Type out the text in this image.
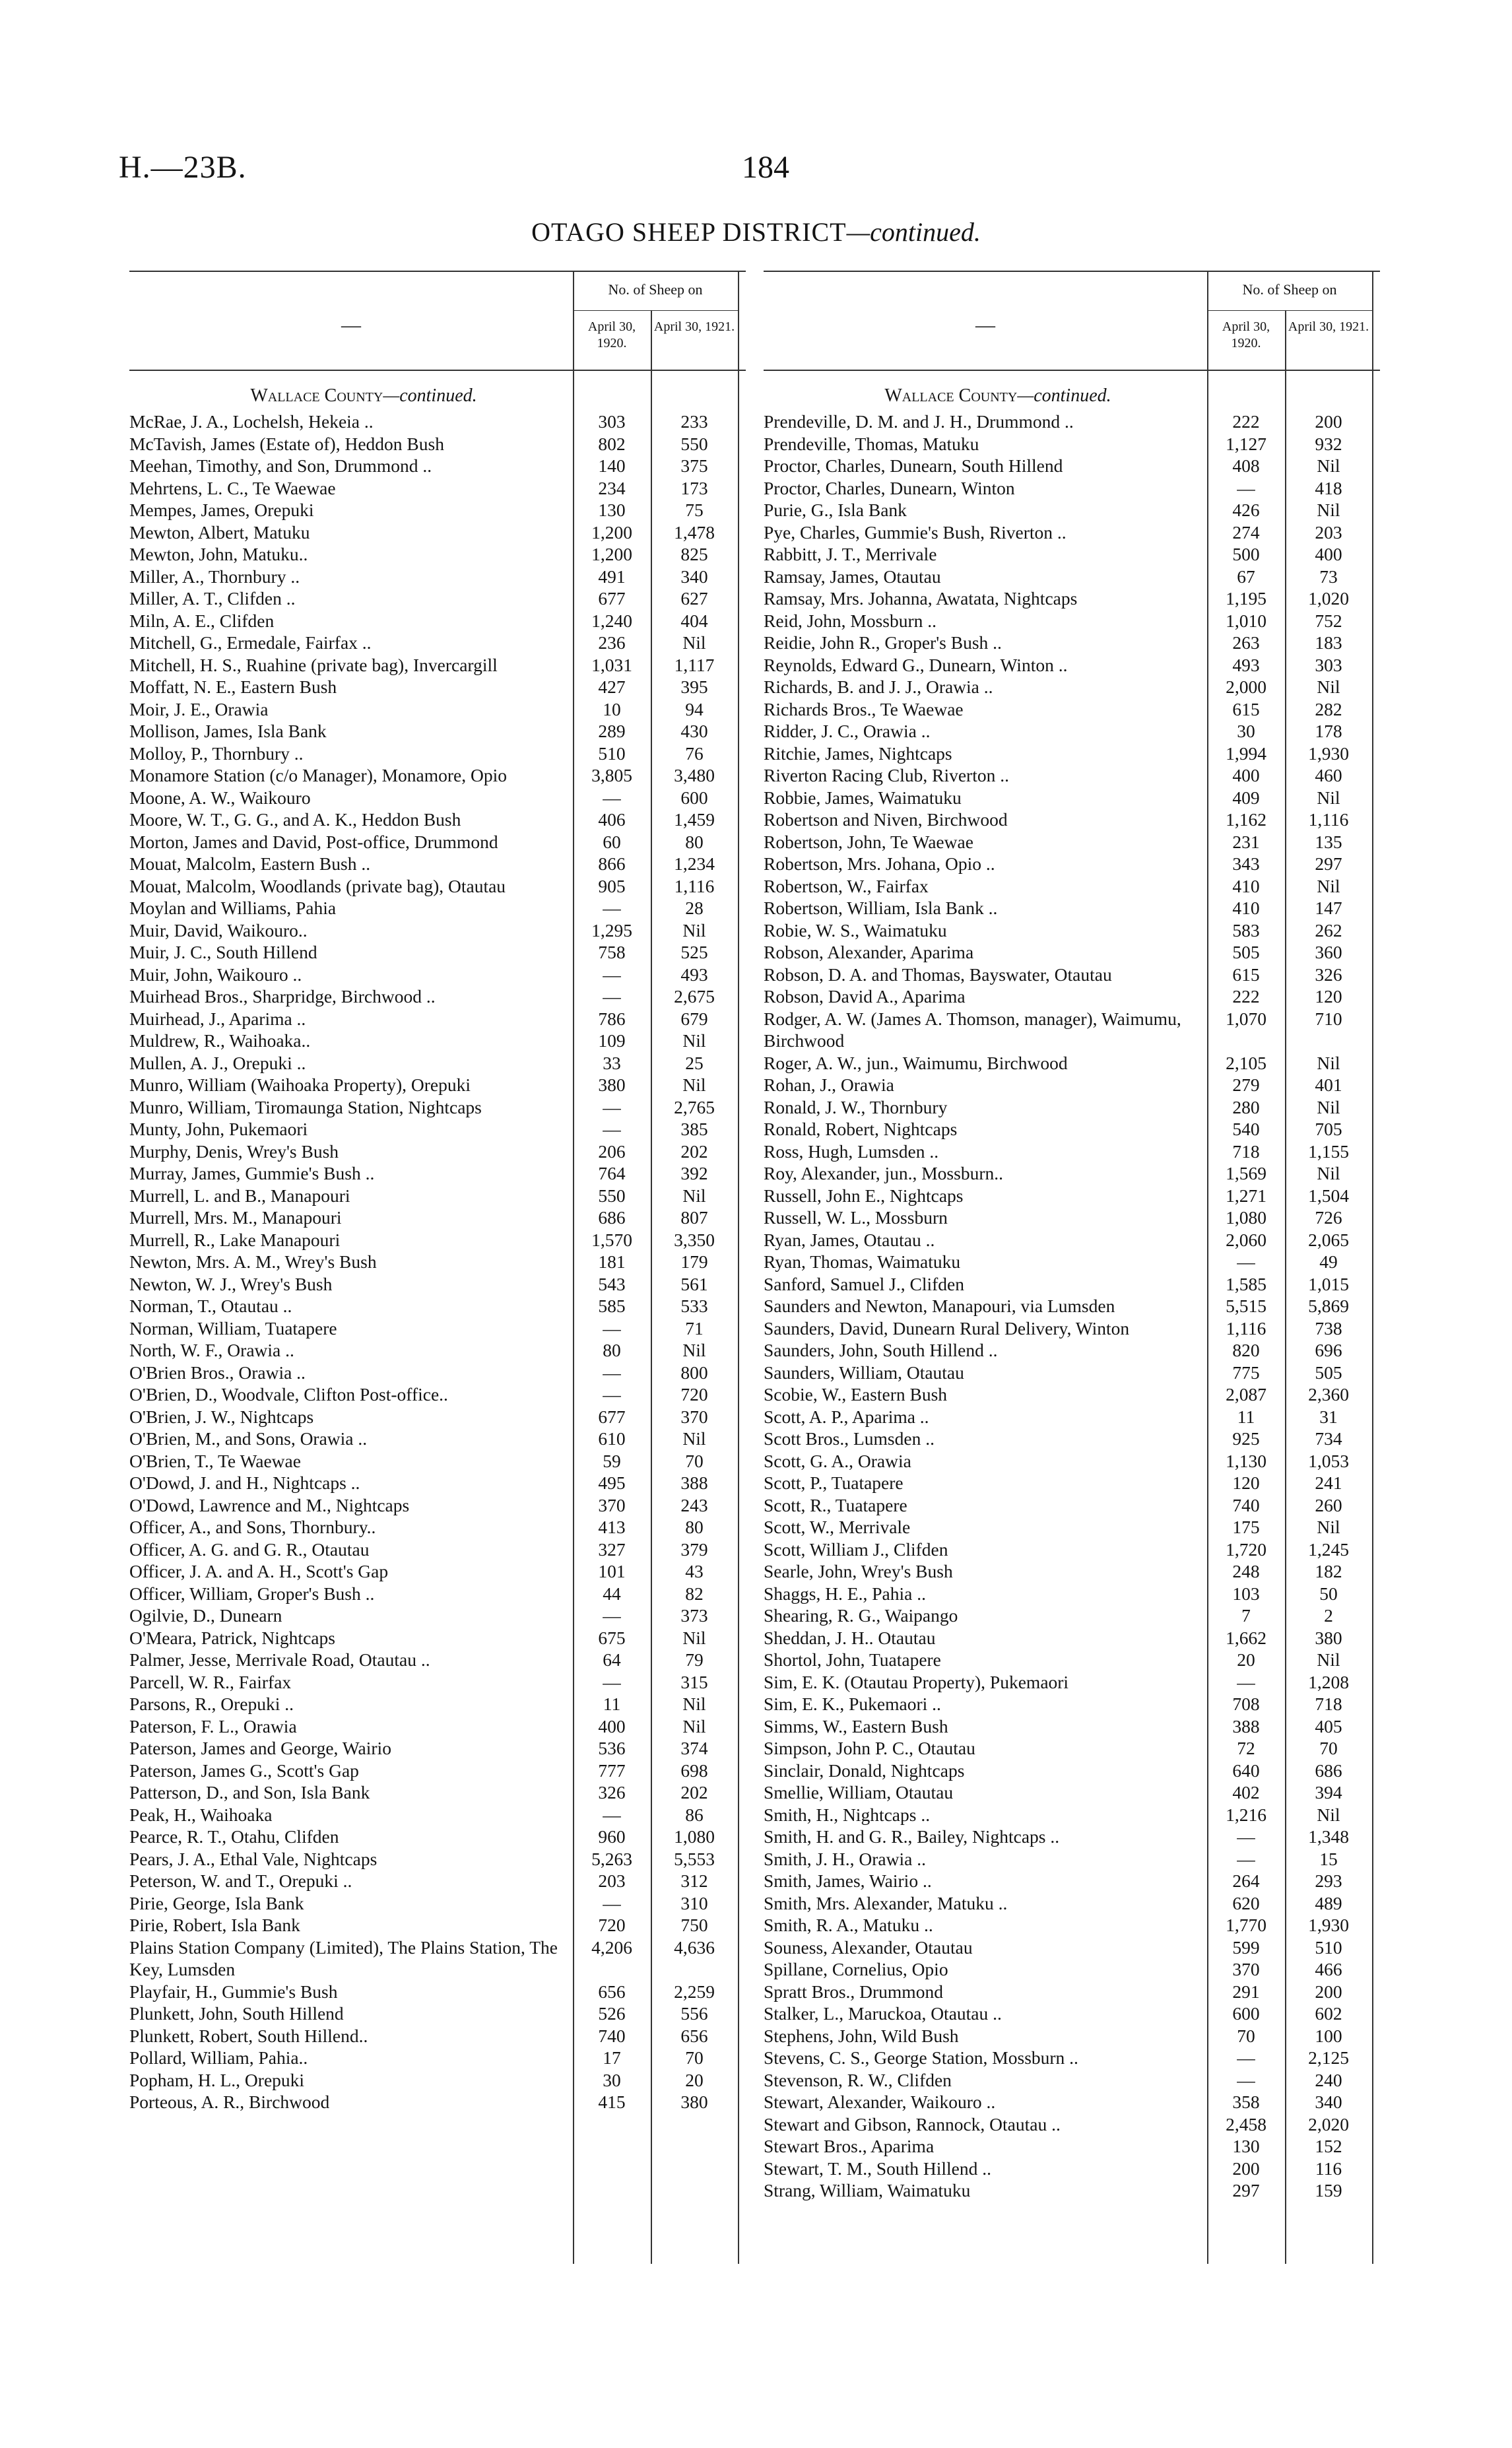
H.—23B.	184
OTAGO SHEEP DISTRICT—continued.
—
No. of Sheep on
April 30, 1920.
April 30, 1921.
Wallace County—continued.
McRae, J. A., Lochelsh, Hekeia ..	303	233
McTavish, James (Estate of), Heddon Bush	802	550
Meehan, Timothy, and Son, Drummond ..	140	375
Mehrtens, L. C., Te Waewae	234	173
Mempes, James, Orepuki	130	75
Mewton, Albert, Matuku	1,200	1,478
Mewton, John, Matuku..	1,200	825
Miller, A., Thornbury ..	491	340
Miller, A. T., Clifden ..	677	627
Miln, A. E., Clifden	1,240	404
Mitchell, G., Ermedale, Fairfax ..	236	Nil
Mitchell, H. S., Ruahine (private bag), Invercargill	1,031	1,117
Moffatt, N. E., Eastern Bush	427	395
Moir, J. E., Orawia	10	94
Mollison, James, Isla Bank	289	430
Molloy, P., Thornbury ..	510	76
Monamore Station (c/o Manager), Monamore, Opio	3,805	3,480
Moone, A. W., Waikouro	—	600
Moore, W. T., G. G., and A. K., Heddon Bush	406	1,459
Morton, James and David, Post-office, Drummond	60	80
Mouat, Malcolm, Eastern Bush ..	866	1,234
Mouat, Malcolm, Woodlands (private bag), Otautau	905	1,116
Moylan and Williams, Pahia	—	28
Muir, David, Waikouro..	1,295	Nil
Muir, J. C., South Hillend	758	525
Muir, John, Waikouro ..	—	493
Muirhead Bros., Sharpridge, Birchwood ..	—	2,675
Muirhead, J., Aparima ..	786	679
Muldrew, R., Waihoaka..	109	Nil
Mullen, A. J., Orepuki ..	33	25
Munro, William (Waihoaka Property), Orepuki	380	Nil
Munro, William, Tiromaunga Station, Nightcaps	—	2,765
Munty, John, Pukemaori	—	385
Murphy, Denis, Wrey's Bush	206	202
Murray, James, Gummie's Bush ..	764	392
Murrell, L. and B., Manapouri	550	Nil
Murrell, Mrs. M., Manapouri	686	807
Murrell, R., Lake Manapouri	1,570	3,350
Newton, Mrs. A. M., Wrey's Bush	181	179
Newton, W. J., Wrey's Bush	543	561
Norman, T., Otautau ..	585	533
Norman, William, Tuatapere	—	71
North, W. F., Orawia ..	80	Nil
O'Brien Bros., Orawia ..	—	800
O'Brien, D., Woodvale, Clifton Post-office..	—	720
O'Brien, J. W., Nightcaps	677	370
O'Brien, M., and Sons, Orawia ..	610	Nil
O'Brien, T., Te Waewae	59	70
O'Dowd, J. and H., Nightcaps ..	495	388
O'Dowd, Lawrence and M., Nightcaps	370	243
Officer, A., and Sons, Thornbury..	413	80
Officer, A. G. and G. R., Otautau	327	379
Officer, J. A. and A. H., Scott's Gap	101	43
Officer, William, Groper's Bush ..	44	82
Ogilvie, D., Dunearn	—	373
O'Meara, Patrick, Nightcaps	675	Nil
Palmer, Jesse, Merrivale Road, Otautau ..	64	79
Parcell, W. R., Fairfax	—	315
Parsons, R., Orepuki ..	11	Nil
Paterson, F. L., Orawia	400	Nil
Paterson, James and George, Wairio	536	374
Paterson, James G., Scott's Gap	777	698
Patterson, D., and Son, Isla Bank	326	202
Peak, H., Waihoaka	—	86
Pearce, R. T., Otahu, Clifden	960	1,080
Pears, J. A., Ethal Vale, Nightcaps	5,263	5,553
Peterson, W. and T., Orepuki ..	203	312
Pirie, George, Isla Bank	—	310
Pirie, Robert, Isla Bank	720	750
Plains Station Company (Limited), The Plains Station, The Key, Lumsden
4,206	4,636
Playfair, H., Gummie's Bush	656	2,259
Plunkett, John, South Hillend	526	556
Plunkett, Robert, South Hillend..	740	656
Pollard, William, Pahia..	17	70
Popham, H. L., Orepuki	30	20
Porteous, A. R., Birchwood	415	380
—
No. of Sheep on
April 30, 1920.
April 30, 1921.
Wallace County—continued.
Prendeville, D. M. and J. H., Drummond ..	222	200
Prendeville, Thomas, Matuku	1,127	932
Proctor, Charles, Dunearn, South Hillend	408	Nil
Proctor, Charles, Dunearn, Winton	—	418
Purie, G., Isla Bank	426	Nil
Pye, Charles, Gummie's Bush, Riverton ..	274	203
Rabbitt, J. T., Merrivale	500	400
Ramsay, James, Otautau	67	73
Ramsay, Mrs. Johanna, Awatata, Nightcaps	1,195	1,020
Reid, John, Mossburn ..	1,010	752
Reidie, John R., Groper's Bush ..	263	183
Reynolds, Edward G., Dunearn, Winton ..	493	303
Richards, B. and J. J., Orawia ..	2,000	Nil
Richards Bros., Te Waewae	615	282
Ridder, J. C., Orawia ..	30	178
Ritchie, James, Nightcaps	1,994	1,930
Riverton Racing Club, Riverton ..	400	460
Robbie, James, Waimatuku	409	Nil
Robertson and Niven, Birchwood	1,162	1,116
Robertson, John, Te Waewae	231	135
Robertson, Mrs. Johana, Opio ..	343	297
Robertson, W., Fairfax	410	Nil
Robertson, William, Isla Bank ..	410	147
Robie, W. S., Waimatuku	583	262
Robson, Alexander, Aparima	505	360
Robson, D. A. and Thomas, Bayswater, Otautau	615	326
Robson, David A., Aparima	222	120
Rodger, A. W. (James A. Thomson, manager), Waimumu, Birchwood
1,070	710
Roger, A. W., jun., Waimumu, Birchwood	2,105	Nil
Rohan, J., Orawia	279	401
Ronald, J. W., Thornbury	280	Nil
Ronald, Robert, Nightcaps	540	705
Ross, Hugh, Lumsden ..	718	1,155
Roy, Alexander, jun., Mossburn..	1,569	Nil
Russell, John E., Nightcaps	1,271	1,504
Russell, W. L., Mossburn	1,080	726
Ryan, James, Otautau ..	2,060	2,065
Ryan, Thomas, Waimatuku	—	49
Sanford, Samuel J., Clifden	1,585	1,015
Saunders and Newton, Manapouri, via Lumsden	5,515	5,869
Saunders, David, Dunearn Rural Delivery, Winton	1,116	738
Saunders, John, South Hillend ..	820	696
Saunders, William, Otautau	775	505
Scobie, W., Eastern Bush	2,087	2,360
Scott, A. P., Aparima ..	11	31
Scott Bros., Lumsden ..	925	734
Scott, G. A., Orawia	1,130	1,053
Scott, P., Tuatapere	120	241
Scott, R., Tuatapere	740	260
Scott, W., Merrivale	175	Nil
Scott, William J., Clifden	1,720	1,245
Searle, John, Wrey's Bush	248	182
Shaggs, H. E., Pahia ..	103	50
Shearing, R. G., Waipango	7	2
Sheddan, J. H.. Otautau	1,662	380
Shortol, John, Tuatapere	20	Nil
Sim, E. K. (Otautau Property), Pukemaori	—	1,208
Sim, E. K., Pukemaori ..	708	718
Simms, W., Eastern Bush	388	405
Simpson, John P. C., Otautau	72	70
Sinclair, Donald, Nightcaps	640	686
Smellie, William, Otautau	402	394
Smith, H., Nightcaps ..	1,216	Nil
Smith, H. and G. R., Bailey, Nightcaps ..	—	1,348
Smith, J. H., Orawia ..	—	15
Smith, James, Wairio ..	264	293
Smith, Mrs. Alexander, Matuku ..	620	489
Smith, R. A., Matuku ..	1,770	1,930
Souness, Alexander, Otautau	599	510
Spillane, Cornelius, Opio	370	466
Spratt Bros., Drummond	291	200
Stalker, L., Maruckoa, Otautau ..	600	602
Stephens, John, Wild Bush	70	100
Stevens, C. S., George Station, Mossburn ..	—	2,125
Stevenson, R. W., Clifden	—	240
Stewart, Alexander, Waikouro ..	358	340
Stewart and Gibson, Rannock, Otautau ..	2,458	2,020
Stewart Bros., Aparima	130	152
Stewart, T. M., South Hillend ..	200	116
Strang, William, Waimatuku	297	159
